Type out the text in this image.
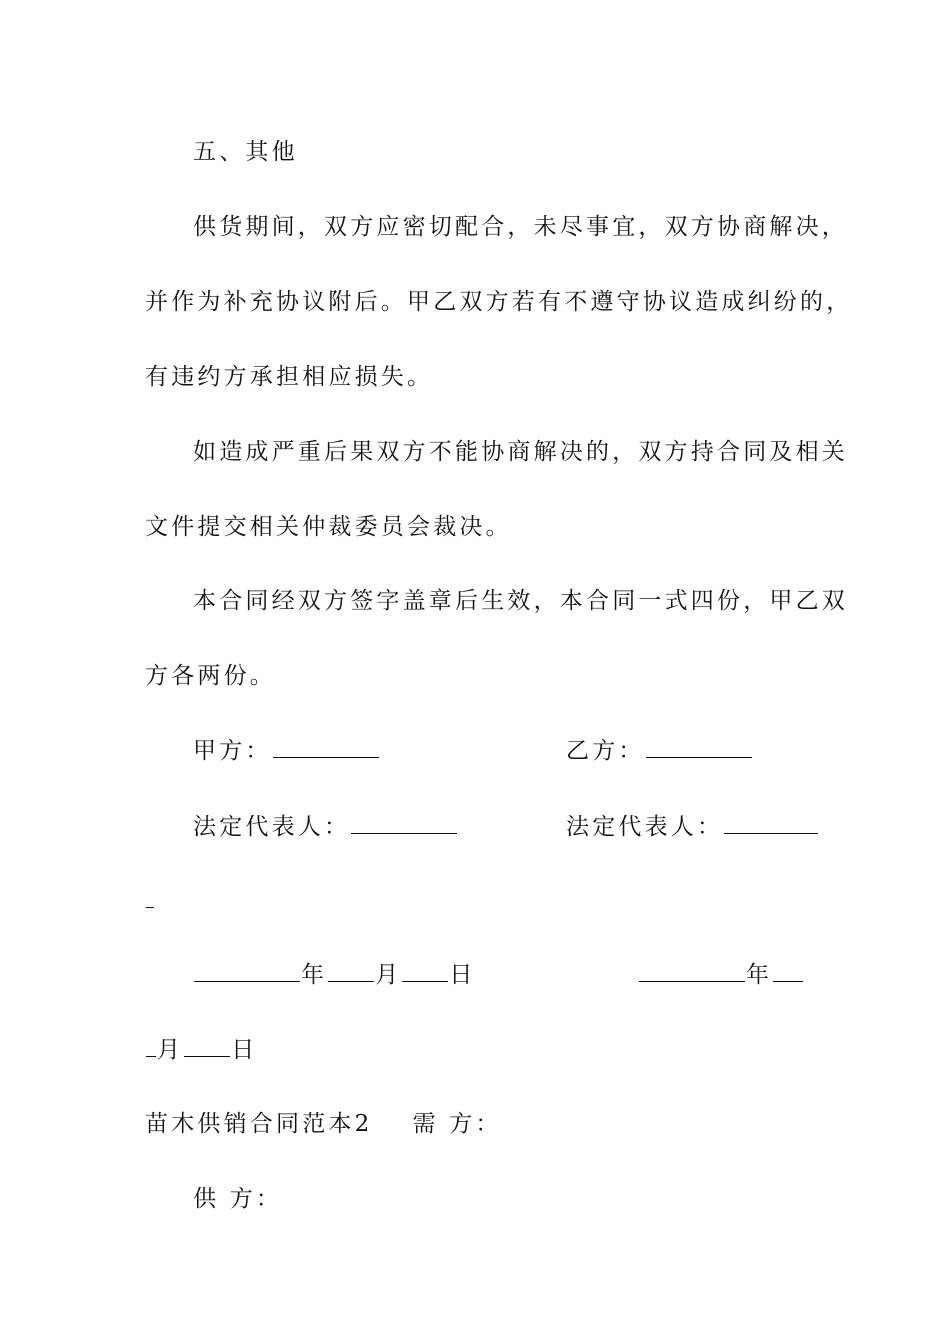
五、其他
供货期间，双方应密切配合，未尽事宜，双方协商解决，
并作为补充协议附后。甲乙双方若有不遵守协议造成纠纷的，
有违约方承担相应损失。
如造成严重后果双方不能协商解决的，双方持合同及相关
文件提交相关仲裁委员会裁决。
本合同经双方签字盖章后生效，本合同一式四份，甲乙双
方各两份。
甲方：	乙方：
法定代表人：	法定代表人：
年 月 日	年
月 日
苗木供销合同范本2 需 方：
供 方：
